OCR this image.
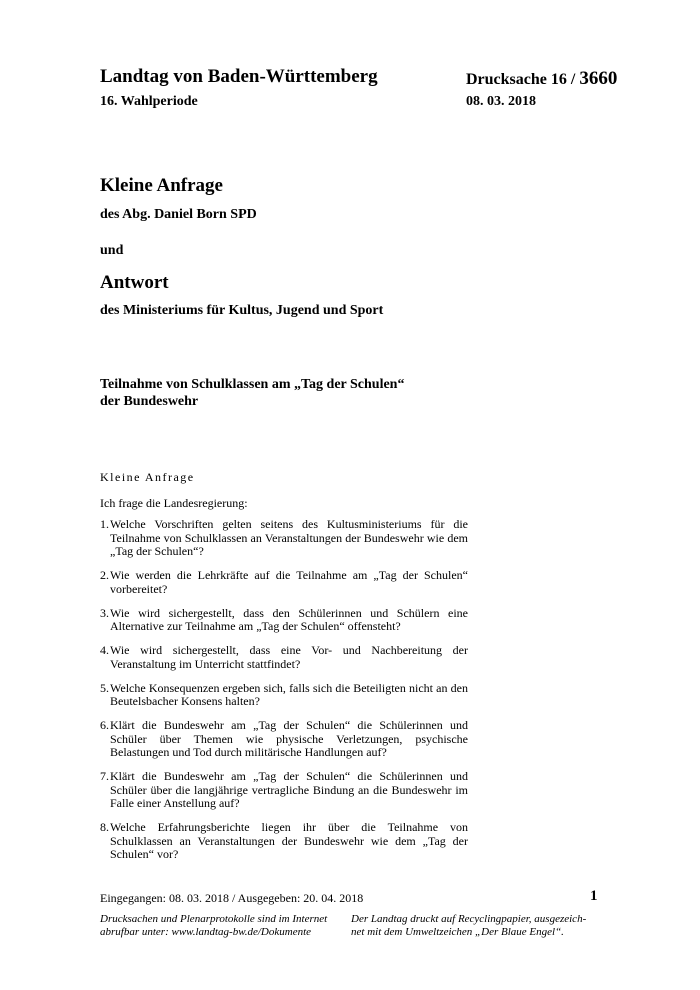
Landtag von Baden-Württemberg	Drucksache 16 / 3660
16. Wahlperiode	08. 03. 2018
Kleine Anfrage
des Abg. Daniel Born SPD
und
Antwort
des Ministeriums für Kultus, Jugend und Sport
Teilnahme von Schulklassen am „Tag der Schulen“
der Bundeswehr
Kleine Anfrage
Ich frage die Landesregierung:
1. Welche Vorschriften gelten seitens des Kultusministeriums für die Teilnahme von Schulklassen an Veranstaltungen der Bundeswehr wie dem „Tag der Schulen“?
2. Wie werden die Lehrkräfte auf die Teilnahme am „Tag der Schulen“ vorbereitet?
3. Wie wird sichergestellt, dass den Schülerinnen und Schülern eine Alternative zur Teilnahme am „Tag der Schulen“ offensteht?
4. Wie wird sichergestellt, dass eine Vor- und Nachbereitung der Veranstaltung im Unterricht stattfindet?
5. Welche Konsequenzen ergeben sich, falls sich die Beteiligten nicht an den Beutelsbacher Konsens halten?
6. Klärt die Bundeswehr am „Tag der Schulen“ die Schülerinnen und Schüler über Themen wie physische Verletzungen, psychische Belastungen und Tod durch militärische Handlungen auf?
7. Klärt die Bundeswehr am „Tag der Schulen“ die Schülerinnen und Schüler über die langjährige vertragliche Bindung an die Bundeswehr im Falle einer Anstellung auf?
8. Welche Erfahrungsberichte liegen ihr über die Teilnahme von Schulklassen an Veranstaltungen der Bundeswehr wie dem „Tag der Schulen“ vor?
Eingegangen: 08. 03. 2018 / Ausgegeben: 20. 04. 2018	1
Drucksachen und Plenarprotokolle sind im Internet
abrufbar unter: www.landtag-bw.de/Dokumente
Der Landtag druckt auf Recyclingpapier, ausgezeich-
net mit dem Umweltzeichen „Der Blaue Engel“.
